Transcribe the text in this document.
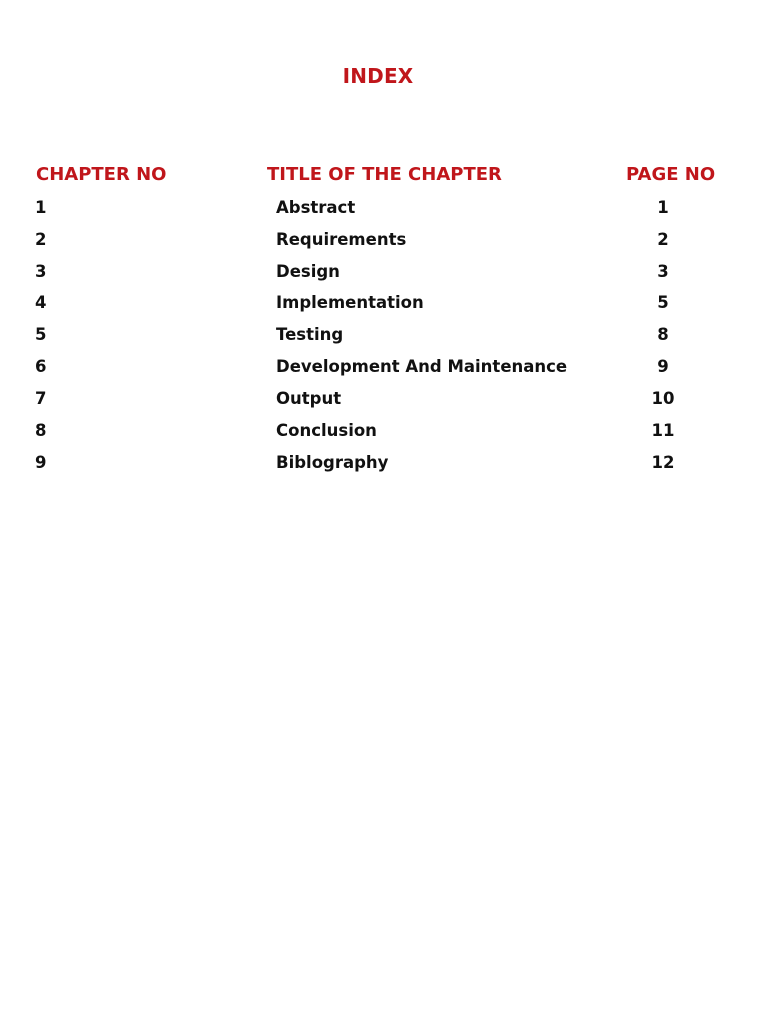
INDEX
CHAPTER NO	TITLE OF THE CHAPTER	PAGE NO
1	Abstract	1
2	Requirements	2
3	Design	3
4	Implementation	5
5	Testing	8
6	Development And Maintenance	9
7	Output	10
8	Conclusion	11
9	Biblography	12
